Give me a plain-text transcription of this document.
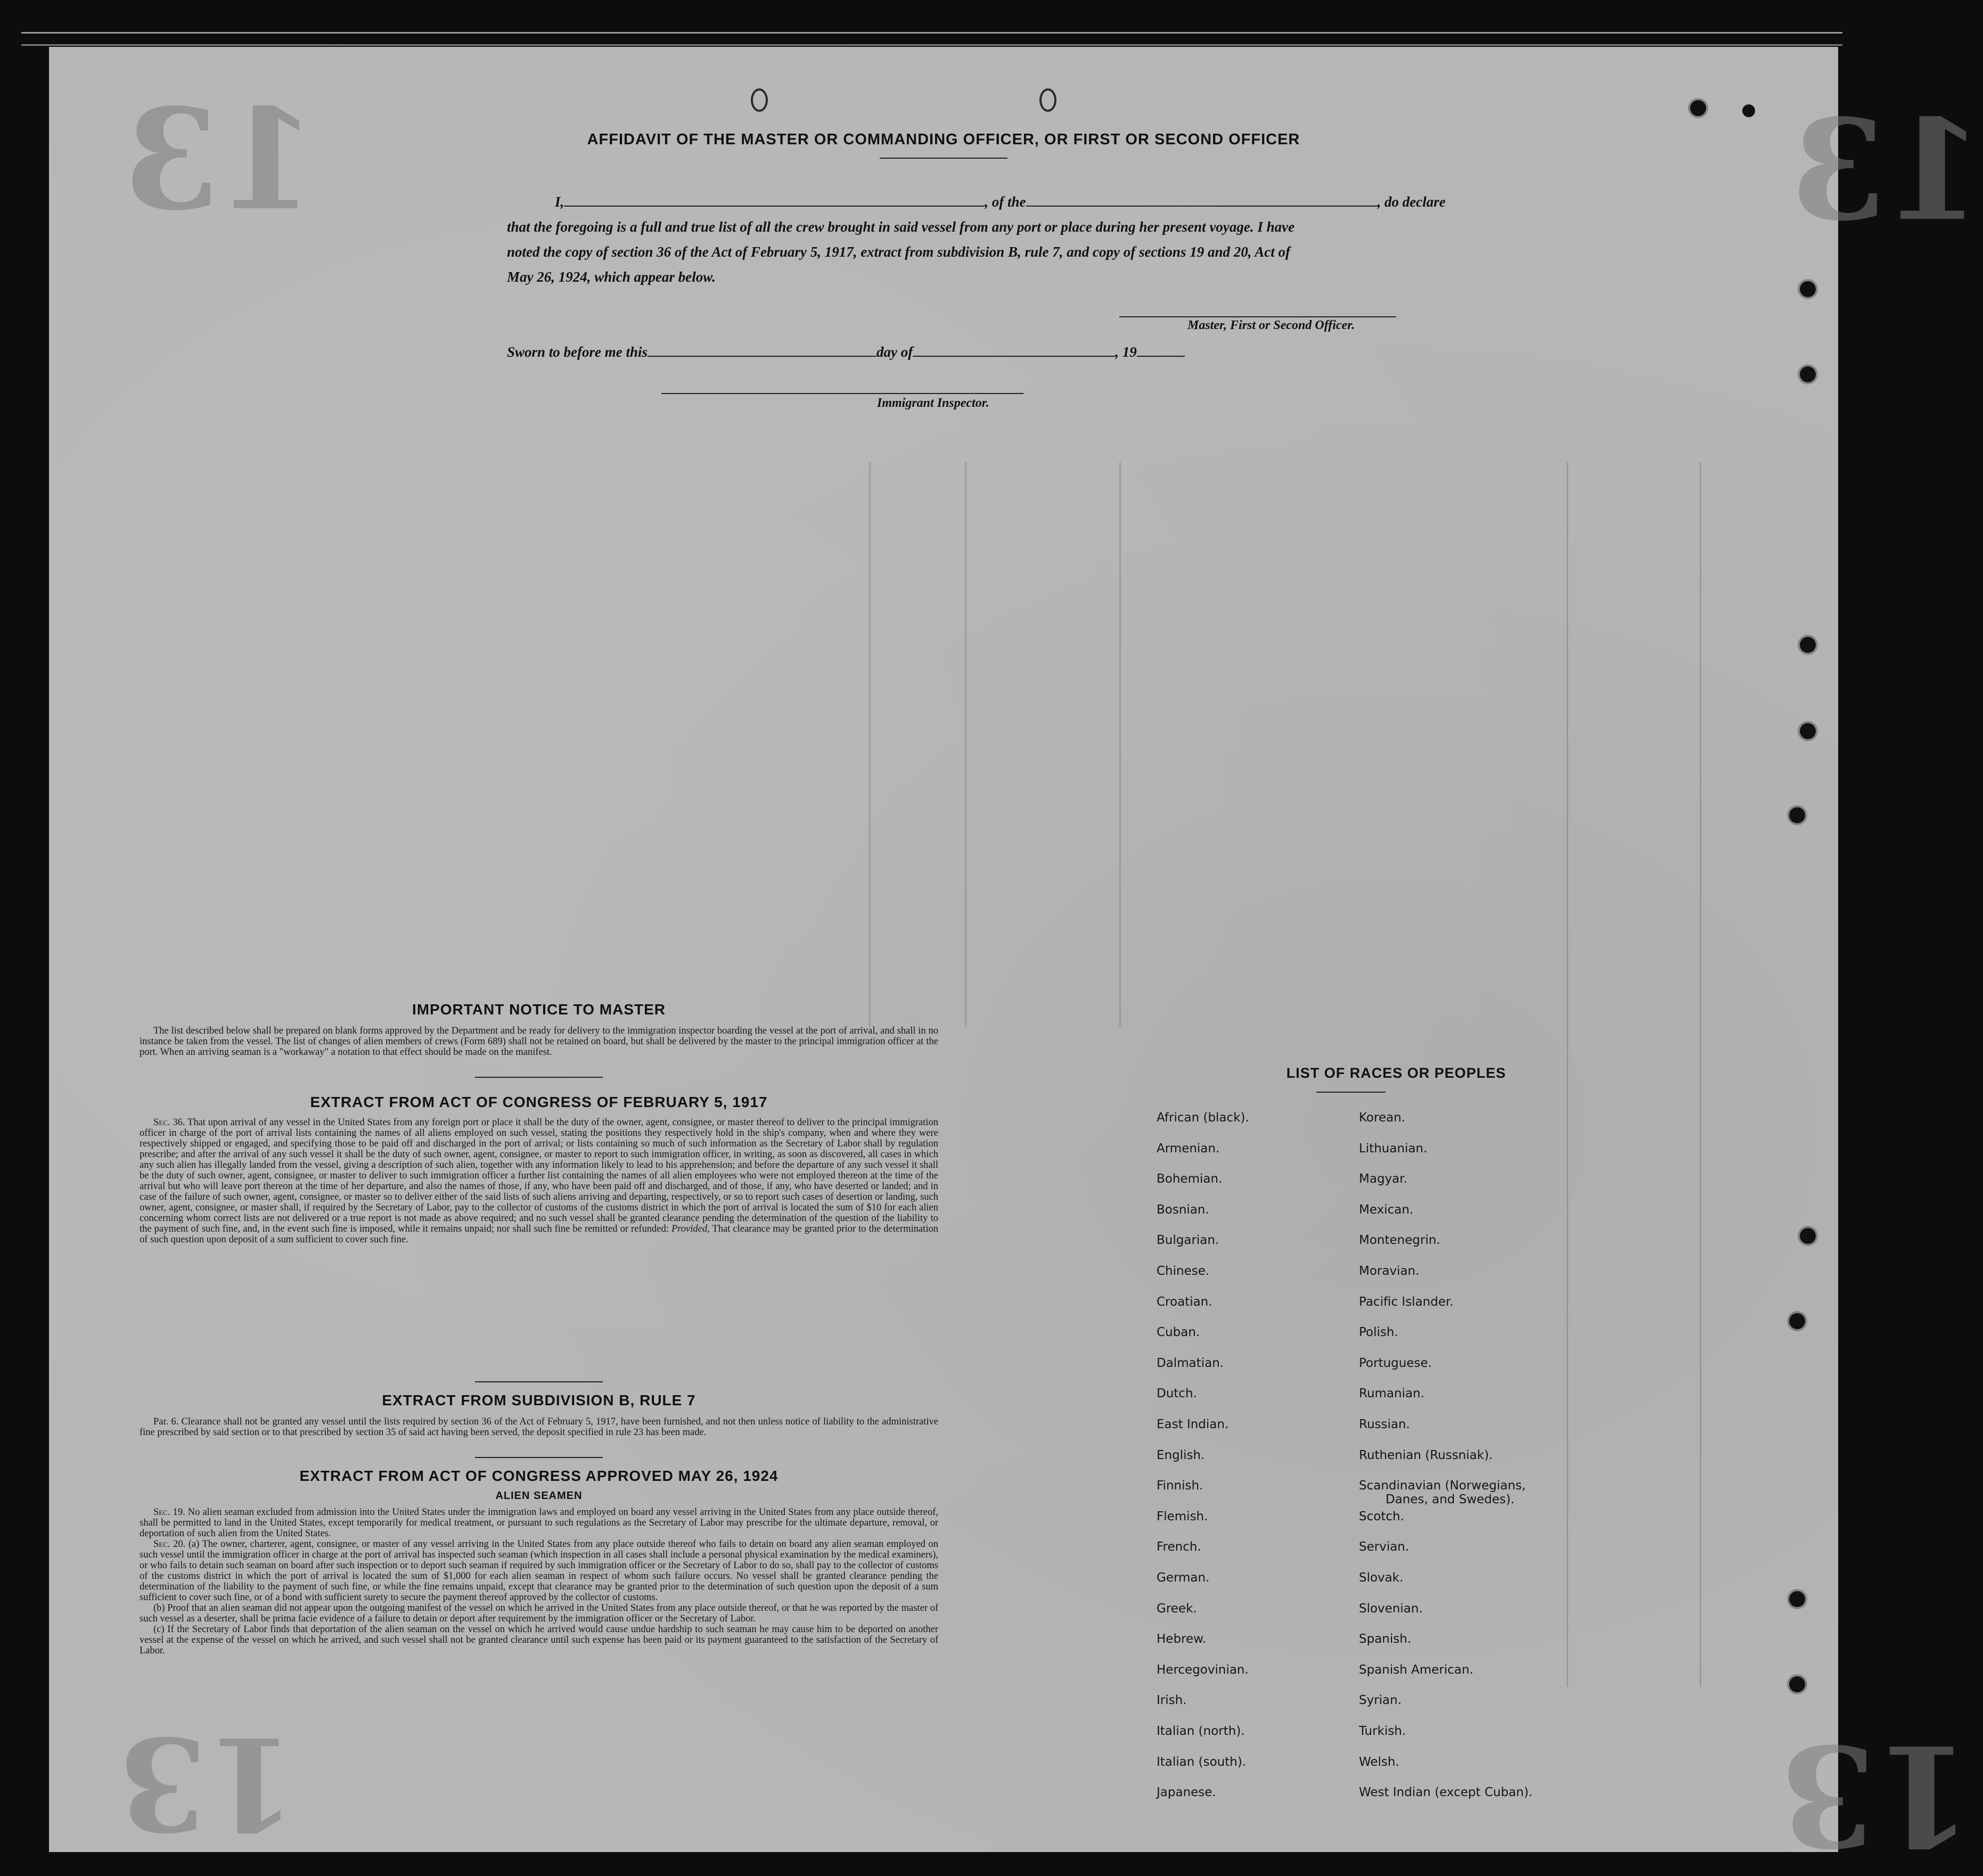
13	13
13	13
AFFIDAVIT OF THE MASTER OR COMMANDING OFFICER, OR FIRST OR SECOND OFFICER
I,	, of the	, do declare
that the foregoing is a full and true list of all the crew brought in said vessel from any port or place during her present voyage. I have
noted the copy of section 36 of the Act of February 5, 1917, extract from subdivision B, rule 7, and copy of sections 19 and 20, Act of
May 26, 1924, which appear below.
Master, First or Second Officer.
Sworn to before me this	day of	, 19
Immigrant Inspector.
IMPORTANT NOTICE TO MASTER

The list described below shall be prepared on blank forms approved by the Department and be ready for delivery to the immigration inspector boarding the vessel at the port of arrival, and shall in no instance be taken from the vessel. The list of changes of alien members of crews (Form 689) shall not be retained on board, but shall be delivered by the master to the principal immigration officer at the port. When an arriving seaman is a "workaway" a notation to that effect should be made on the manifest.

EXTRACT FROM ACT OF CONGRESS OF FEBRUARY 5, 1917

Sec. 36. That upon arrival of any vessel in the United States from any foreign port or place it shall be the duty of the owner, agent, consignee, or master thereof to deliver to the principal immigration officer in charge of the port of arrival lists containing the names of all aliens employed on such vessel, stating the positions they respectively hold in the ship's company, when and where they were respectively shipped or engaged, and specifying those to be paid off and discharged in the port of arrival; or lists containing so much of such information as the Secretary of Labor shall by regulation prescribe; and after the arrival of any such vessel it shall be the duty of such owner, agent, consignee, or master to report to such immigration officer, in writing, as soon as discovered, all cases in which any such alien has illegally landed from the vessel, giving a description of such alien, together with any information likely to lead to his apprehension; and before the departure of any such vessel it shall be the duty of such owner, agent, consignee, or master to deliver to such immigration officer a further list containing the names of all alien employees who were not employed thereon at the time of the arrival but who will leave port thereon at the time of her departure, and also the names of those, if any, who have been paid off and discharged, and of those, if any, who have deserted or landed; and in case of the failure of such owner, agent, consignee, or master so to deliver either of the said lists of such aliens arriving and departing, respectively, or so to report such cases of desertion or landing, such owner, agent, consignee, or master shall, if required by the Secretary of Labor, pay to the collector of customs of the customs district in which the port of arrival is located the sum of $10 for each alien concerning whom correct lists are not delivered or a true report is not made as above required; and no such vessel shall be granted clearance pending the determination of the question of the liability to the payment of such fine, and, in the event such fine is imposed, while it remains unpaid; nor shall such fine be remitted or refunded: Provided, That clearance may be granted prior to the determination of such question upon deposit of a sum sufficient to cover such fine.

EXTRACT FROM SUBDIVISION B, RULE 7

Par. 6. Clearance shall not be granted any vessel until the lists required by section 36 of the Act of February 5, 1917, have been furnished, and not then unless notice of liability to the administrative fine prescribed by said section or to that prescribed by section 35 of said act having been served, the deposit specified in rule 23 has been made.

EXTRACT FROM ACT OF CONGRESS APPROVED MAY 26, 1924
ALIEN SEAMEN

Sec. 19. No alien seaman excluded from admission into the United States under the immigration laws and employed on board any vessel arriving in the United States from any place outside thereof, shall be permitted to land in the United States, except temporarily for medical treatment, or pursuant to such regulations as the Secretary of Labor may prescribe for the ultimate departure, removal, or deportation of such alien from the United States.

Sec. 20. (a) The owner, charterer, agent, consignee, or master of any vessel arriving in the United States from any place outside thereof who fails to detain on board any alien seaman employed on such vessel until the immigration officer in charge at the port of arrival has inspected such seaman (which inspection in all cases shall include a personal physical examination by the medical examiners), or who fails to detain such seaman on board after such inspection or to deport such seaman if required by such immigration officer or the Secretary of Labor to do so, shall pay to the collector of customs of the customs district in which the port of arrival is located the sum of $1,000 for each alien seaman in respect of whom such failure occurs. No vessel shall be granted clearance pending the determination of the liability to the payment of such fine, or while the fine remains unpaid, except that clearance may be granted prior to the determination of such question upon the deposit of a sum sufficient to cover such fine, or of a bond with sufficient surety to secure the payment thereof approved by the collector of customs.

(b) Proof that an alien seaman did not appear upon the outgoing manifest of the vessel on which he arrived in the United States from any place outside thereof, or that he was reported by the master of such vessel as a deserter, shall be prima facie evidence of a failure to detain or deport after requirement by the immigration officer or the Secretary of Labor.

(c) If the Secretary of Labor finds that deportation of the alien seaman on the vessel on which he arrived would cause undue hardship to such seaman he may cause him to be deported on another vessel at the expense of the vessel on which he arrived, and such vessel shall not be granted clearance until such expense has been paid or its payment guaranteed to the satisfaction of the Secretary of Labor.

LIST OF RACES OR PEOPLES
African (black).
Armenian.
Bohemian.
Bosnian.
Bulgarian.
Chinese.
Croatian.
Cuban.
Dalmatian.
Dutch.
East Indian.
English.
Finnish.
Flemish.
French.
German.
Greek.
Hebrew.
Hercegovinian.
Irish.
Italian (north).
Italian (south).
Japanese.
Korean.
Lithuanian.
Magyar.
Mexican.
Montenegrin.
Moravian.
Pacific Islander.
Polish.
Portuguese.
Rumanian.
Russian.
Ruthenian (Russniak).
Scandinavian (Norwegians,
Danes, and Swedes).
Scotch.
Servian.
Slovak.
Slovenian.
Spanish.
Spanish American.
Syrian.
Turkish.
Welsh.
West Indian (except Cuban).
